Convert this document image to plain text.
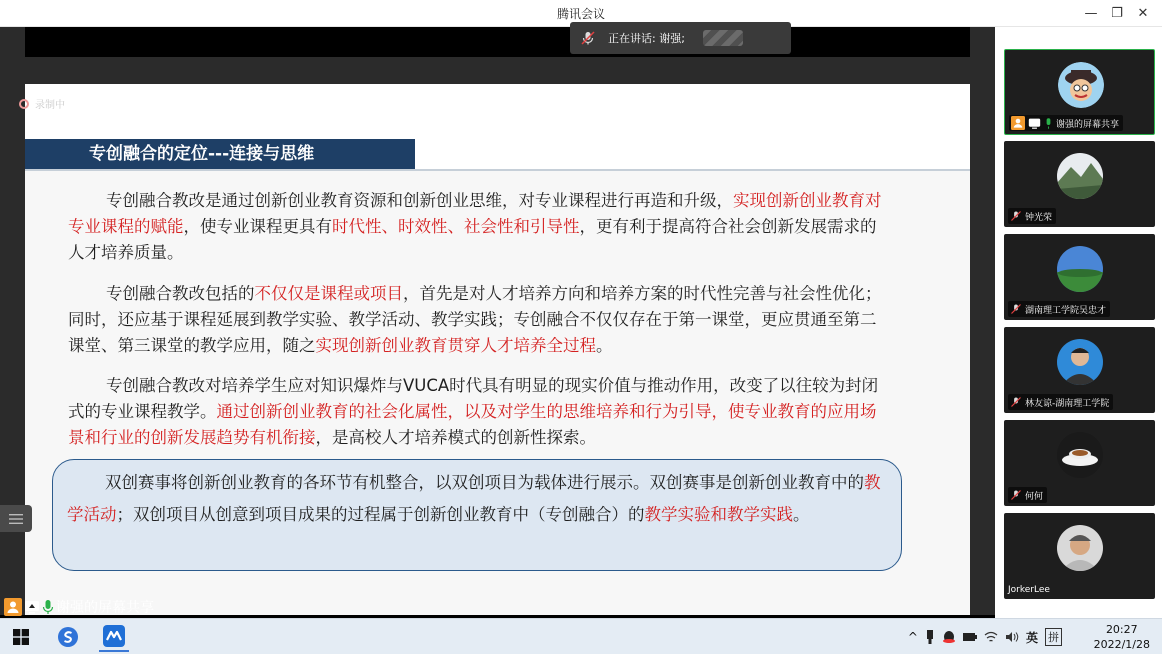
腾讯会议	—	❐	✕
录制中
专创融合的定位---连接与思维
专创融合教改是通过创新创业教育资源和创新创业思维，对专业课程进行再造和升级，实现创新创业教育对专业课程的赋能，使专业课程更具有时代性、时效性、社会性和引导性，更有利于提高符合社会创新发展需求的人才培养质量。
专创融合教改包括的不仅仅是课程或项目，首先是对人才培养方向和培养方案的时代性完善与社会性优化；同时，还应基于课程延展到教学实验、教学活动、教学实践；专创融合不仅仅存在于第一课堂，更应贯通至第二课堂、第三课堂的教学应用，随之实现创新创业教育贯穿人才培养全过程。
专创融合教改对培养学生应对知识爆炸与VUCA时代具有明显的现实价值与推动作用，改变了以往较为封闭式的专业课程教学。通过创新创业教育的社会化属性，以及对学生的思维培养和行为引导，使专业教育的应用场景和行业的创新发展趋势有机衔接，是高校人才培养模式的创新性探索。
双创赛事将创新创业教育的各环节有机整合，以双创项目为载体进行展示。双创赛事是创新创业教育中的教学活动；双创项目从创意到项目成果的过程属于创新创业教育中（专创融合）的教学实验和教学实践。
正在讲话: 谢强;
谢强的屏幕共享
谢强的屏幕共享
钟光荣
湖南理工学院吴忠才
林友谅-湖南理工学院
何何
JorkerLee
^	英 拼
20:27
2022/1/28
